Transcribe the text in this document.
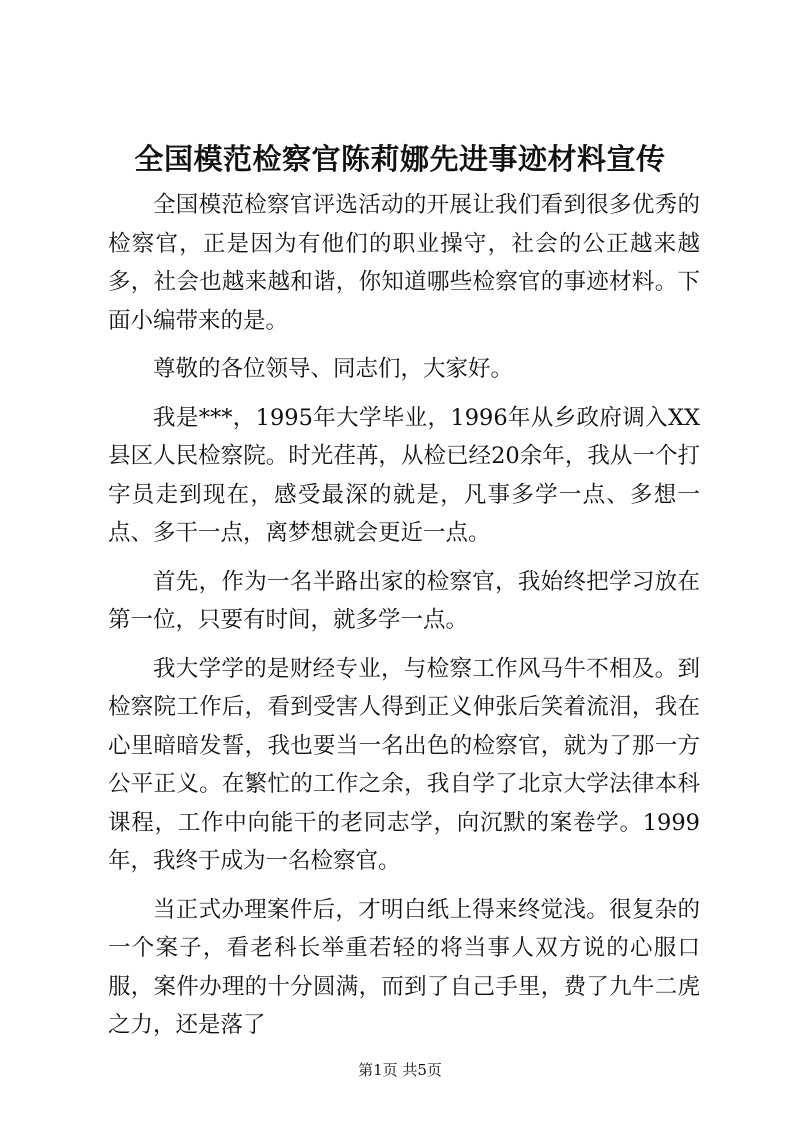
全国模范检察官陈莉娜先进事迹材料宣传

全国模范检察官评选活动的开展让我们看到很多优秀的检察官，正是因为有他们的职业操守，社会的公正越来越多，社会也越来越和谐，你知道哪些检察官的事迹材料。下面小编带来的是。

尊敬的各位领导、同志们，大家好。

我是***，1995年大学毕业，1996年从乡政府调入XX县区人民检察院。时光荏苒，从检已经20余年，我从一个打字员走到现在，感受最深的就是，凡事多学一点、多想一点、多干一点，离梦想就会更近一点。

首先，作为一名半路出家的检察官，我始终把学习放在第一位，只要有时间，就多学一点。

我大学学的是财经专业，与检察工作风马牛不相及。到检察院工作后，看到受害人得到正义伸张后笑着流泪，我在心里暗暗发誓，我也要当一名出色的检察官，就为了那一方公平正义。在繁忙的工作之余，我自学了北京大学法律本科课程，工作中向能干的老同志学，向沉默的案卷学。1999年，我终于成为一名检察官。

当正式办理案件后，才明白纸上得来终觉浅。很复杂的一个案子，看老科长举重若轻的将当事人双方说的心服口服，案件办理的十分圆满，而到了自己手里，费了九牛二虎之力，还是落了

第1页 共5页
